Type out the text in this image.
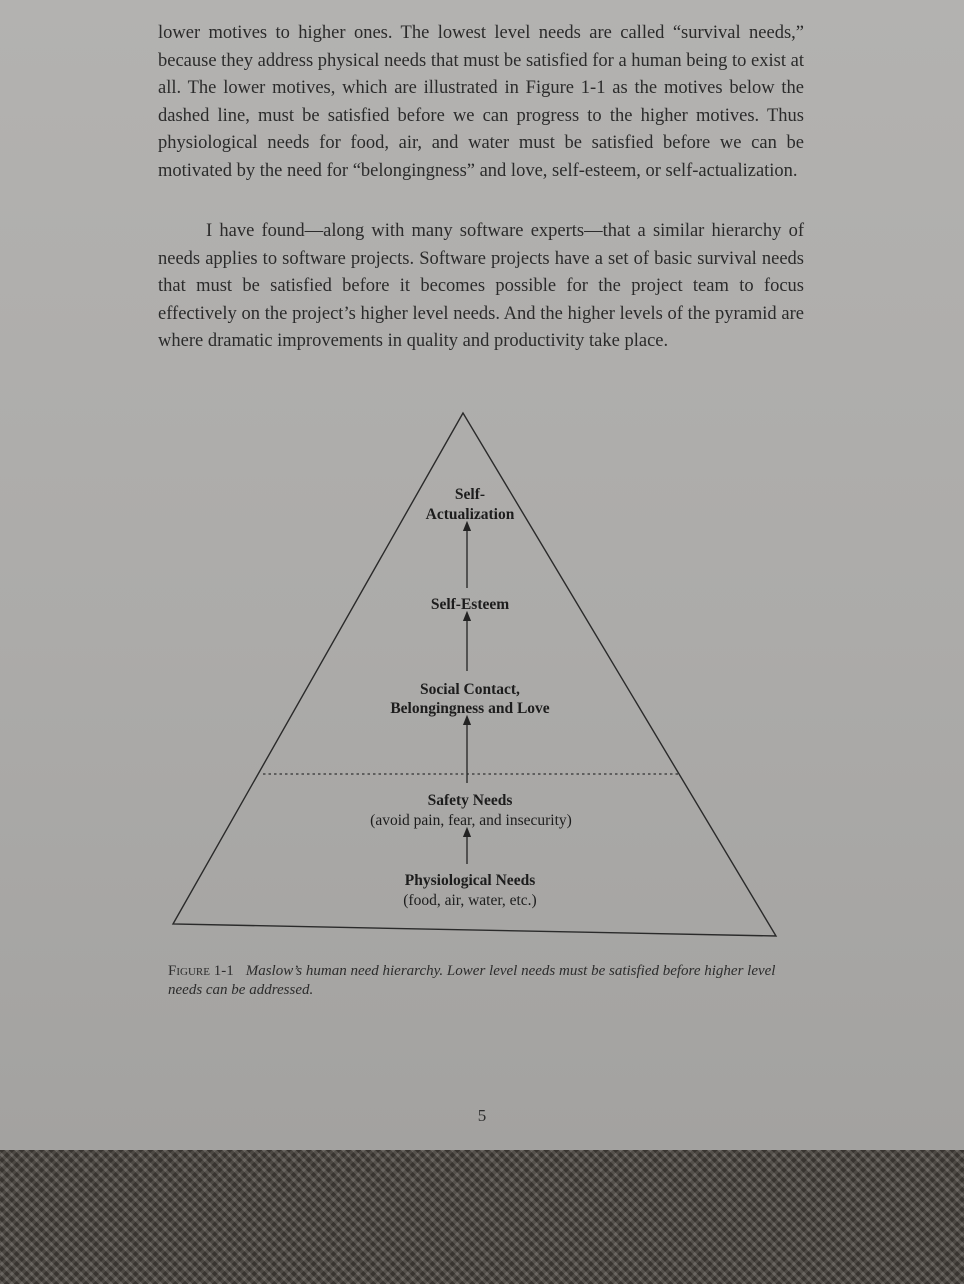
lower motives to higher ones. The lowest level needs are called “survival needs,” because they address physical needs that must be satisfied for a human being to exist at all. The lower motives, which are illustrated in Figure 1-1 as the motives below the dashed line, must be satisfied before we can progress to the higher motives. Thus physiological needs for food, air, and water must be satisfied before we can be motivated by the need for “belongingness” and love, self-esteem, or self-actualization.

I have found—along with many software experts—that a similar hierarchy of needs applies to software projects. Software projects have a set of basic survival needs that must be satisfied before it becomes possible for the project team to focus effectively on the project’s higher level needs. And the higher levels of the pyramid are where dramatic improvements in quality and productivity take place.

Self-
Actualization
Self-Esteem
Social Contact,
Belongingness and Love
Safety Needs
(avoid pain, fear, and insecurity)
Physiological Needs
(food, air, water, etc.)

Figure 1-1 Maslow’s human need hierarchy. Lower level needs must be satisfied before higher level needs can be addressed.

5
